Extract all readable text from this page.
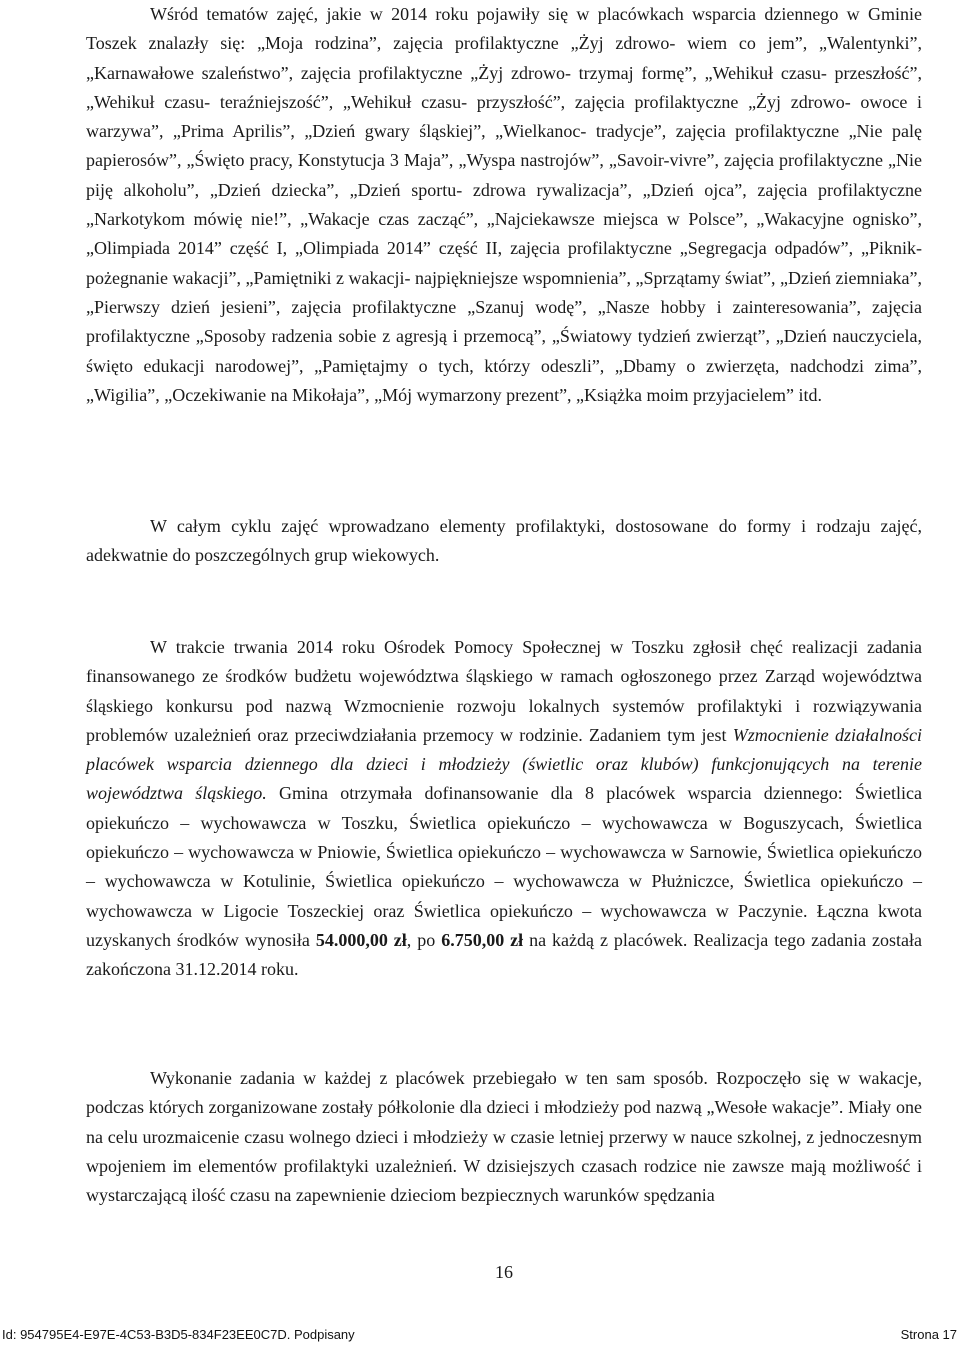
Wśród tematów zajęć, jakie w 2014 roku pojawiły się w placówkach wsparcia dziennego w Gminie Toszek znalazły się: „Moja rodzina”, zajęcia profilaktyczne „Żyj zdrowo- wiem co jem”, „Walentynki”, „Karnawałowe szaleństwo”, zajęcia profilaktyczne „Żyj zdrowo- trzymaj formę”, „Wehikuł czasu- przeszłość”, „Wehikuł czasu- teraźniejszość”, „Wehikuł czasu- przyszłość”, zajęcia profilaktyczne „Żyj zdrowo- owoce i warzywa”, „Prima Aprilis”, „Dzień gwary śląskiej”, „Wielkanoc- tradycje”, zajęcia profilaktyczne „Nie palę papierosów”, „Święto pracy, Konstytucja 3 Maja”, „Wyspa nastrojów”, „Savoir-vivre”, zajęcia profilaktyczne „Nie piję alkoholu”, „Dzień dziecka”, „Dzień sportu- zdrowa rywalizacja”, „Dzień ojca”, zajęcia profilaktyczne „Narkotykom mówię nie!”, „Wakacje czas zacząć”, „Najciekawsze miejsca w Polsce”, „Wakacyjne ognisko”, „Olimpiada 2014” część I, „Olimpiada 2014” część II, zajęcia profilaktyczne „Segregacja odpadów”, „Piknik- pożegnanie wakacji”, „Pamiętniki z wakacji- najpiękniejsze wspomnienia”, „Sprzątamy świat”, „Dzień ziemniaka”, „Pierwszy dzień jesieni”, zajęcia profilaktyczne „Szanuj wodę”, „Nasze hobby i zainteresowania”, zajęcia profilaktyczne „Sposoby radzenia sobie z agresją i przemocą”, „Światowy tydzień zwierząt”, „Dzień nauczyciela, święto edukacji narodowej”, „Pamiętajmy o tych, którzy odeszli”, „Dbamy o zwierzęta, nadchodzi zima”, „Wigilia”, „Oczekiwanie na Mikołaja”, „Mój wymarzony prezent”, „Książka moim przyjacielem” itd.

W całym cyklu zajęć wprowadzano elementy profilaktyki, dostosowane do formy i rodzaju zajęć, adekwatnie do poszczególnych grup wiekowych.

W trakcie trwania 2014 roku Ośrodek Pomocy Społecznej w Toszku zgłosił chęć realizacji zadania finansowanego ze środków budżetu województwa śląskiego w ramach ogłoszonego przez Zarząd województwa śląskiego konkursu pod nazwą Wzmocnienie rozwoju lokalnych systemów profilaktyki i rozwiązywania problemów uzależnień oraz przeciwdziałania przemocy w rodzinie. Zadaniem tym jest Wzmocnienie działalności placówek wsparcia dziennego dla dzieci i młodzieży (świetlic oraz klubów) funkcjonujących na terenie województwa śląskiego. Gmina otrzymała dofinansowanie dla 8 placówek wsparcia dziennego: Świetlica opiekuńczo – wychowawcza w Toszku, Świetlica opiekuńczo – wychowawcza w Boguszycach, Świetlica opiekuńczo – wychowawcza w Pniowie, Świetlica opiekuńczo – wychowawcza w Sarnowie, Świetlica opiekuńczo – wychowawcza w Kotulinie, Świetlica opiekuńczo – wychowawcza w Płużniczce, Świetlica opiekuńczo – wychowawcza w Ligocie Toszeckiej oraz Świetlica opiekuńczo – wychowawcza w Paczynie. Łączna kwota uzyskanych środków wynosiła 54.000,00 zł, po 6.750,00 zł na każdą z placówek. Realizacja tego zadania została zakończona 31.12.2014 roku.

Wykonanie zadania w każdej z placówek przebiegało w ten sam sposób. Rozpoczęło się w wakacje, podczas których zorganizowane zostały półkolonie dla dzieci i młodzieży pod nazwą „Wesołe wakacje”. Miały one na celu urozmaicenie czasu wolnego dzieci i młodzieży w czasie letniej przerwy w nauce szkolnej, z jednoczesnym wpojeniem im elementów profilaktyki uzależnień. W dzisiejszych czasach rodzice nie zawsze mają możliwość i wystarczającą ilość czasu na zapewnienie dzieciom bezpiecznych warunków spędzania

16
Id: 954795E4-E97E-4C53-B3D5-834F23EE0C7D. Podpisany	Strona 17
